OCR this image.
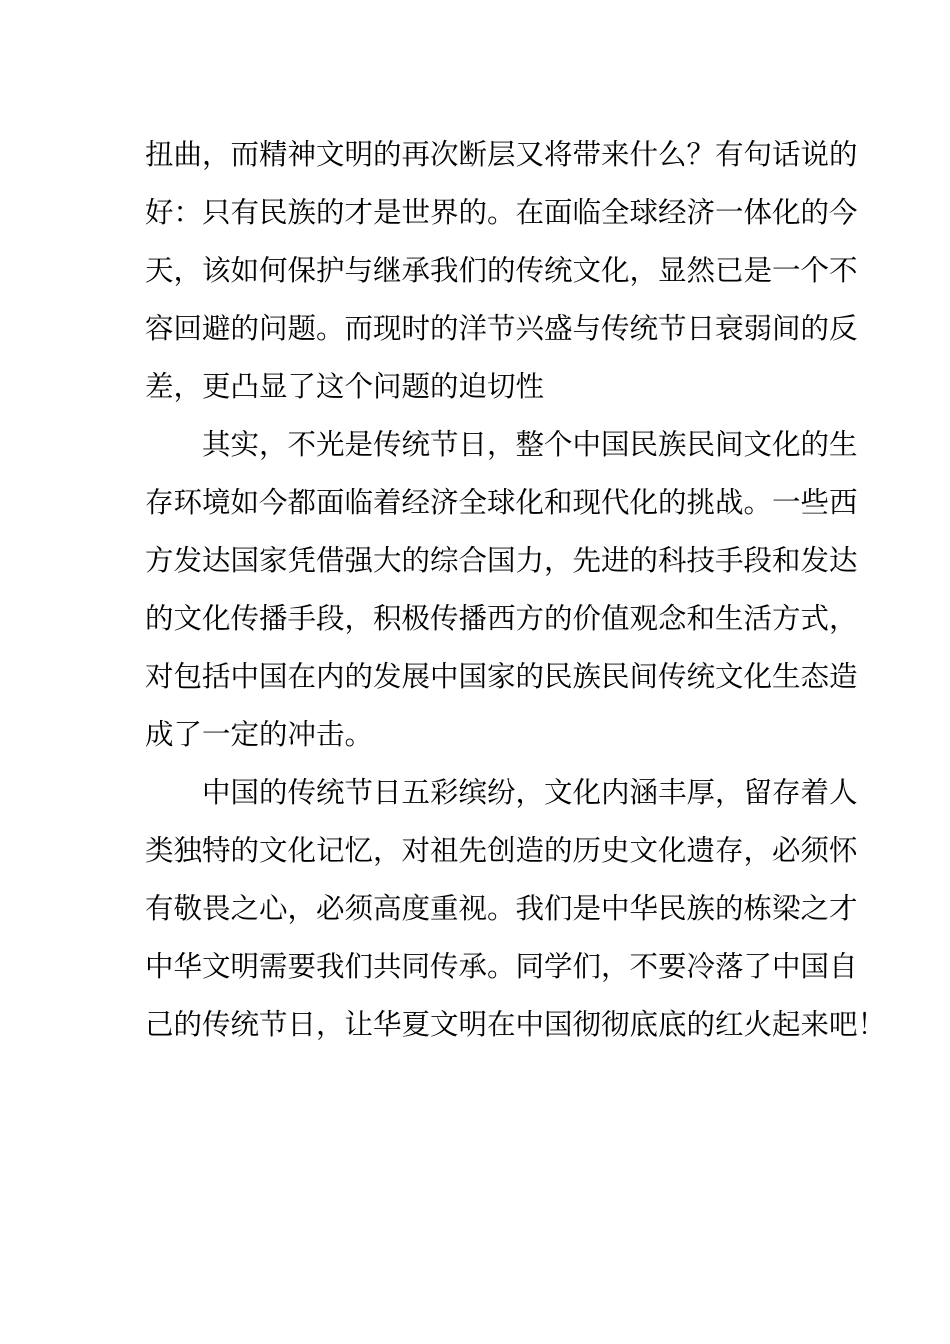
扭曲，而精神文明的再次断层又将带来什么？有句话说的
好：只有民族的才是世界的。在面临全球经济一体化的今
天，该如何保护与继承我们的传统文化，显然已是一个不
容回避的问题。而现时的洋节兴盛与传统节日衰弱间的反
差，更凸显了这个问题的迫切性
其实，不光是传统节日，整个中国民族民间文化的生
存环境如今都面临着经济全球化和现代化的挑战。一些西
方发达国家凭借强大的综合国力，先进的科技手段和发达
的文化传播手段，积极传播西方的价值观念和生活方式，
对包括中国在内的发展中国家的民族民间传统文化生态造
成了一定的冲击。
中国的传统节日五彩缤纷，文化内涵丰厚，留存着人
类独特的文化记忆，对祖先创造的历史文化遗存，必须怀
有敬畏之心，必须高度重视。我们是中华民族的栋梁之才
中华文明需要我们共同传承。同学们，不要冷落了中国自
己的传统节日，让华夏文明在中国彻彻底底的红火起来吧！
